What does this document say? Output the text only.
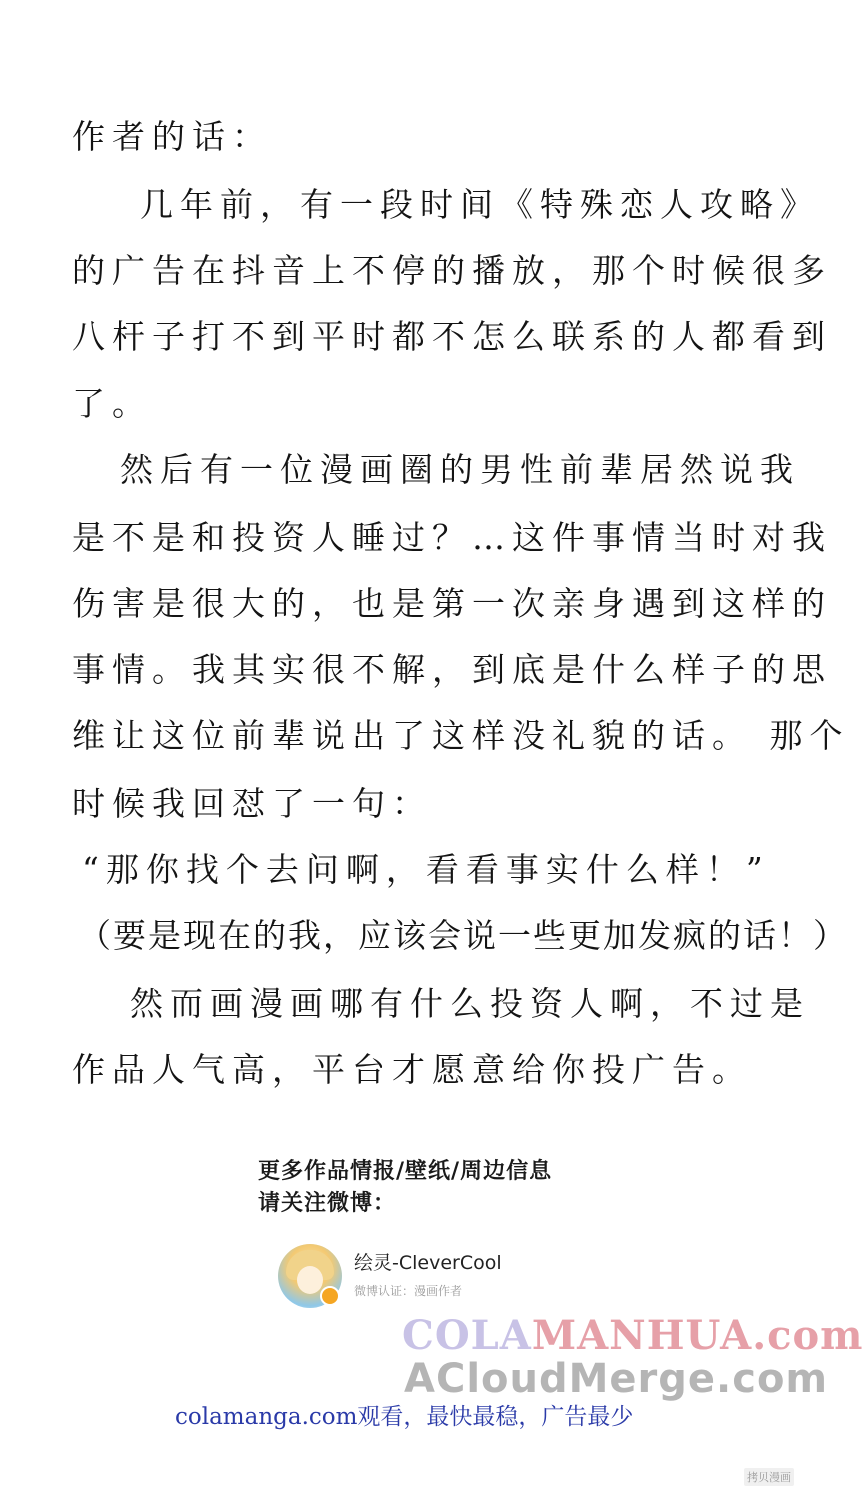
作者的话：
几年前，有一段时间《特殊恋人攻略》
的广告在抖音上不停的播放，那个时候很多
八杆子打不到平时都不怎么联系的人都看到
了。
然后有一位漫画圈的男性前辈居然说我
是不是和投资人睡过？…这件事情当时对我
伤害是很大的，也是第一次亲身遇到这样的
事情。我其实很不解，到底是什么样子的思
维让这位前辈说出了这样没礼貌的话。 那个
时候我回怼了一句：
“那你找个去问啊，看看事实什么样！”
（要是现在的我，应该会说一些更加发疯的话！）
然而画漫画哪有什么投资人啊，不过是
作品人气高，平台才愿意给你投广告。
更多作品情报/壁纸/周边信息
请关注微博：
绘灵-CleverCool
微博认证：漫画作者
COLAMANHUA.com
ACloudMerge.com
colamanga.com观看，最快最稳，广告最少
拷贝漫画
